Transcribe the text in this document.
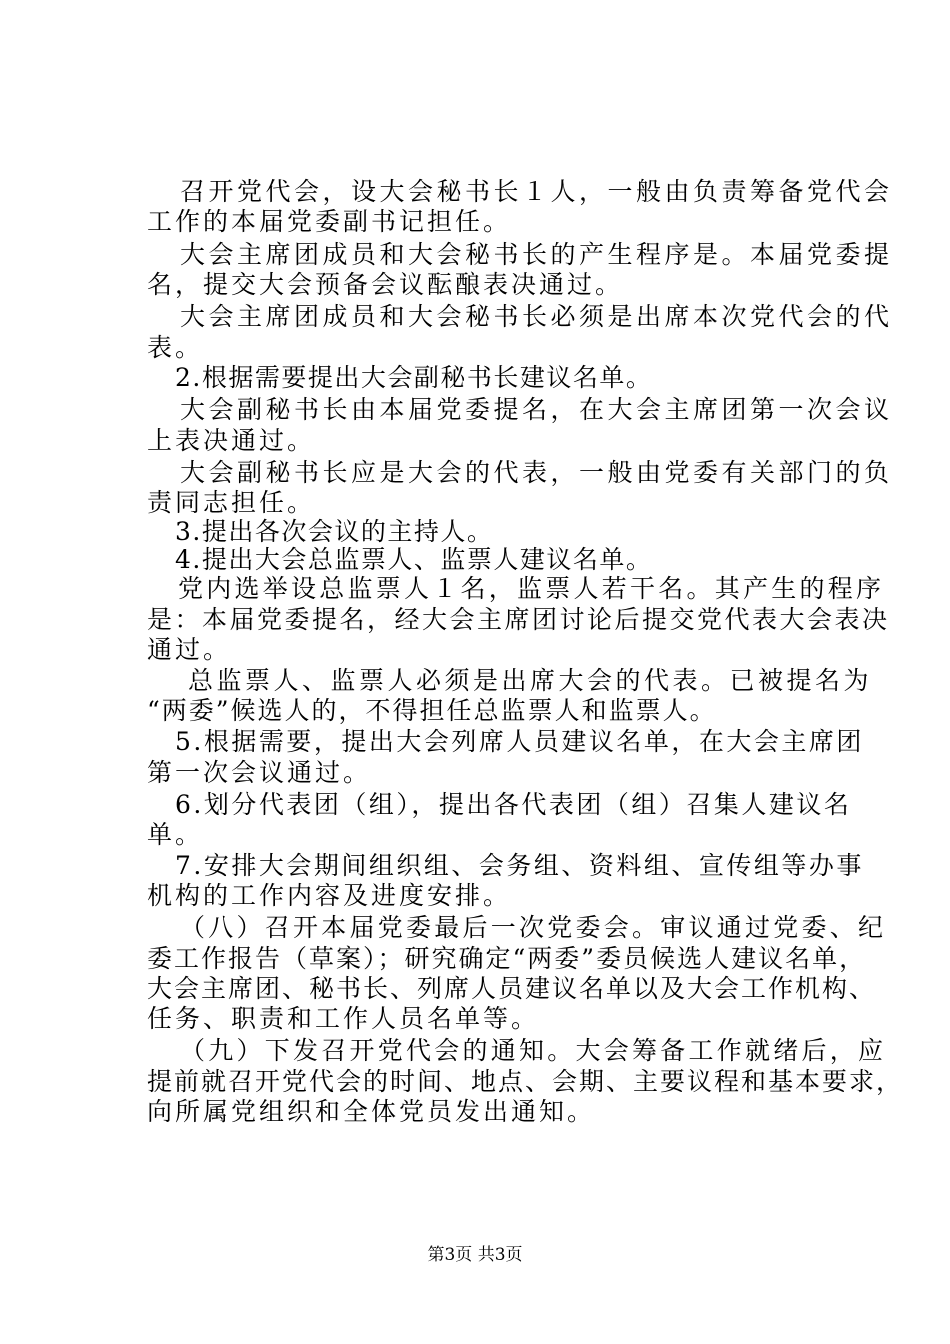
召开党代会，设大会秘书长１人，一般由负责筹备党代会
工作的本届党委副书记担任。
大会主席团成员和大会秘书长的产生程序是。本届党委提
名，提交大会预备会议酝酿表决通过。
大会主席团成员和大会秘书长必须是出席本次党代会的代
表。
2.根据需要提出大会副秘书长建议名单。
大会副秘书长由本届党委提名，在大会主席团第一次会议
上表决通过。
大会副秘书长应是大会的代表，一般由党委有关部门的负
责同志担任。
3.提出各次会议的主持人。
4.提出大会总监票人、监票人建议名单。
党内选举设总监票人１名，监票人若干名。其产生的程序
是：本届党委提名，经大会主席团讨论后提交党代表大会表决
通过。
总监票人、监票人必须是出席大会的代表。已被提名为
“两委”候选人的，不得担任总监票人和监票人。
5.根据需要，提出大会列席人员建议名单，在大会主席团
第一次会议通过。
6.划分代表团（组），提出各代表团（组）召集人建议名
单。
7.安排大会期间组织组、会务组、资料组、宣传组等办事
机构的工作内容及进度安排。
（八）召开本届党委最后一次党委会。审议通过党委、纪
委工作报告（草案）；研究确定“两委”委员候选人建议名单，
大会主席团、秘书长、列席人员建议名单以及大会工作机构、
任务、职责和工作人员名单等。
（九）下发召开党代会的通知。大会筹备工作就绪后，应
提前就召开党代会的时间、地点、会期、主要议程和基本要求，
向所属党组织和全体党员发出通知。
第3页 共3页
